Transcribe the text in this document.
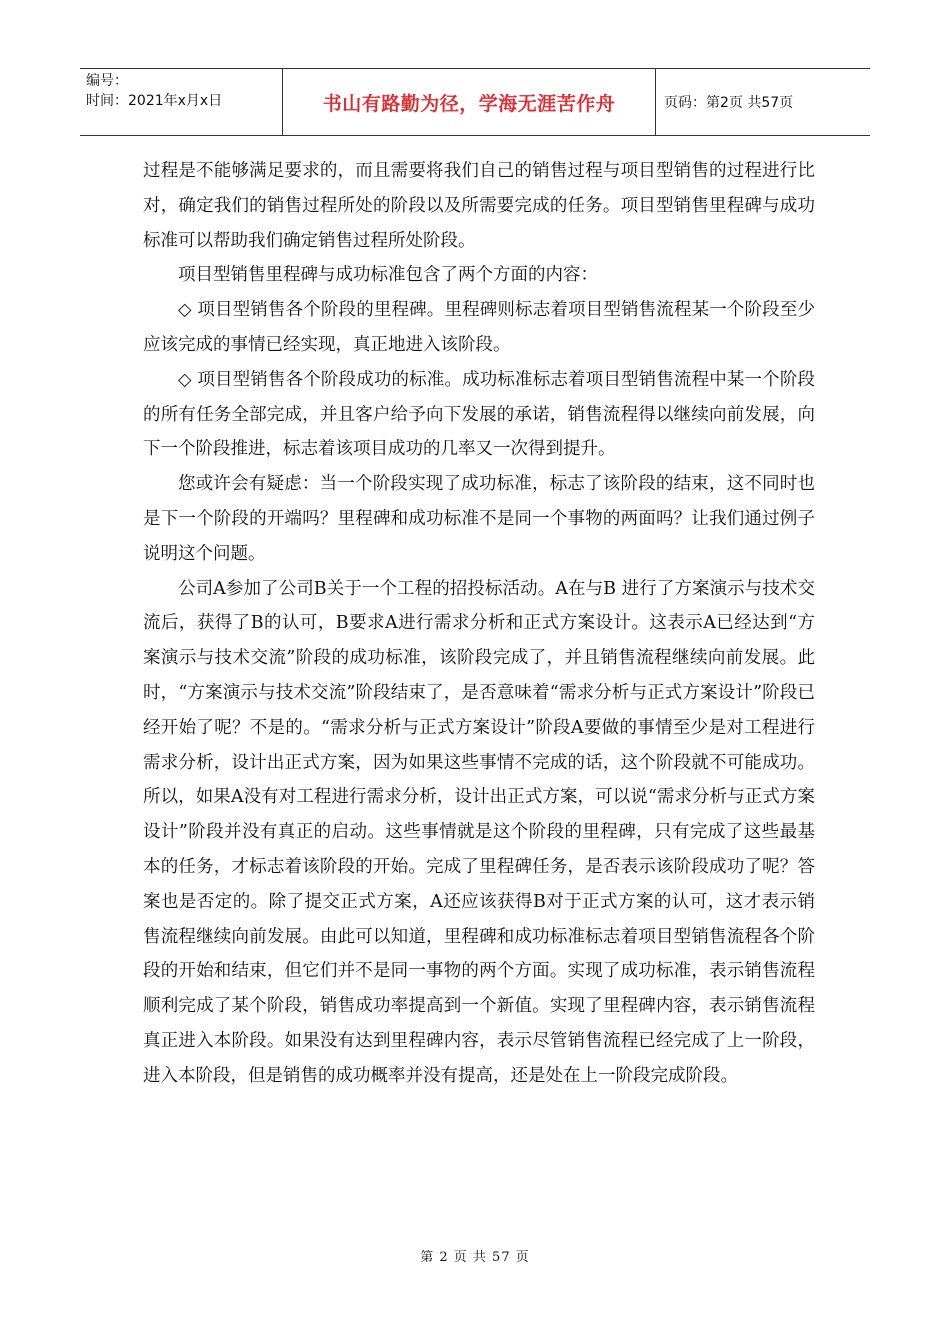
编号：
时间：2021年x月x日	书山有路勤为径，学海无涯苦作舟	页码：第2页 共57页

过程是不能够满足要求的，而且需要将我们自己的销售过程与项目型销售的过程进行比对，确定我们的销售过程所处的阶段以及所需要完成的任务。项目型销售里程碑与成功标准可以帮助我们确定销售过程所处阶段。

项目型销售里程碑与成功标准包含了两个方面的内容：

◇ 项目型销售各个阶段的里程碑。里程碑则标志着项目型销售流程某一个阶段至少应该完成的事情已经实现，真正地进入该阶段。

◇ 项目型销售各个阶段成功的标准。成功标准标志着项目型销售流程中某一个阶段的所有任务全部完成，并且客户给予向下发展的承诺，销售流程得以继续向前发展，向下一个阶段推进，标志着该项目成功的几率又一次得到提升。

您或许会有疑虑：当一个阶段实现了成功标准，标志了该阶段的结束，这不同时也是下一个阶段的开端吗？里程碑和成功标准不是同一个事物的两面吗？让我们通过例子说明这个问题。

公司A参加了公司B关于一个工程的招投标活动。A在与B 进行了方案演示与技术交流后，获得了B的认可，B要求A进行需求分析和正式方案设计。这表示A已经达到“方案演示与技术交流”阶段的成功标准，该阶段完成了，并且销售流程继续向前发展。此时，“方案演示与技术交流”阶段结束了，是否意味着“需求分析与正式方案设计”阶段已经开始了呢？不是的。“需求分析与正式方案设计”阶段A要做的事情至少是对工程进行需求分析，设计出正式方案，因为如果这些事情不完成的话，这个阶段就不可能成功。所以，如果A没有对工程进行需求分析，设计出正式方案，可以说“需求分析与正式方案设计”阶段并没有真正的启动。这些事情就是这个阶段的里程碑，只有完成了这些最基本的任务，才标志着该阶段的开始。完成了里程碑任务，是否表示该阶段成功了呢？答案也是否定的。除了提交正式方案，A还应该获得B对于正式方案的认可，这才表示销售流程继续向前发展。由此可以知道，里程碑和成功标准标志着项目型销售流程各个阶段的开始和结束，但它们并不是同一事物的两个方面。实现了成功标准，表示销售流程顺利完成了某个阶段，销售成功率提高到一个新值。实现了里程碑内容，表示销售流程真正进入本阶段。如果没有达到里程碑内容，表示尽管销售流程已经完成了上一阶段，进入本阶段，但是销售的成功概率并没有提高，还是处在上一阶段完成阶段。

第 2 页 共 57 页
